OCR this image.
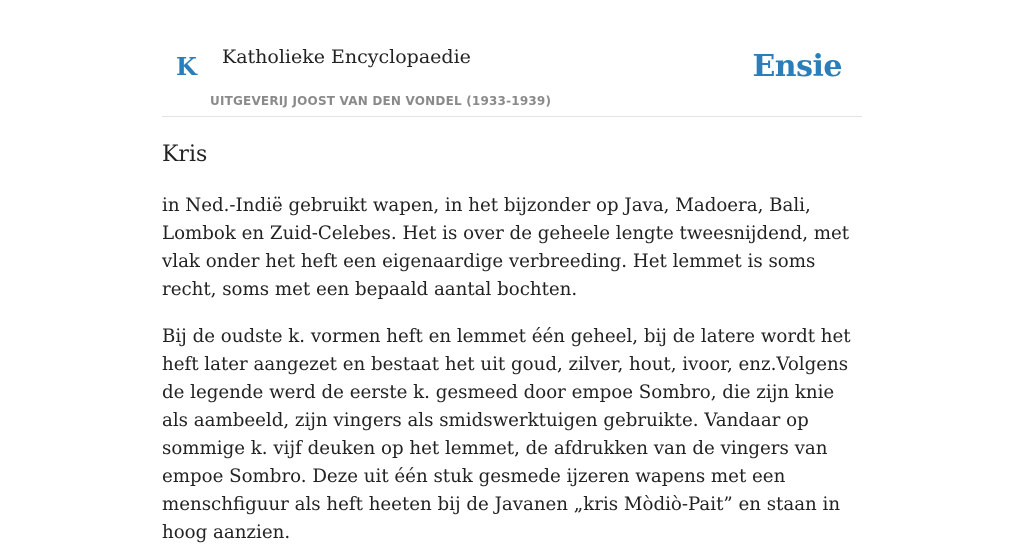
K Katholieke Encyclopaedie
UITGEVERIJ JOOST VAN DEN VONDEL (1933-1939)
Ensie
Kris

in Ned.-Indië gebruikt wapen, in het bijzonder op Java, Madoera, Bali, Lombok en Zuid-Celebes. Het is over de geheele lengte tweesnijdend, met vlak onder het heft een eigenaardige verbreeding. Het lemmet is soms recht, soms met een bepaald aantal bochten.

Bij de oudste k. vormen heft en lemmet één geheel, bij de latere wordt het heft later aangezet en bestaat het uit goud, zilver, hout, ivoor, enz.Volgens de legende werd de eerste k. gesmeed door empoe Sombro, die zijn knie als aambeeld, zijn vingers als smidswerktuigen gebruikte. Vandaar op sommige k. vijf deuken op het lemmet, de afdrukken van de vingers van empoe Sombro. Deze uit één stuk gesmede ijzeren wapens met een menschfiguur als heft heeten bij de Javanen „kris Mòdiò-Pait” en staan in hoog aanzien.
